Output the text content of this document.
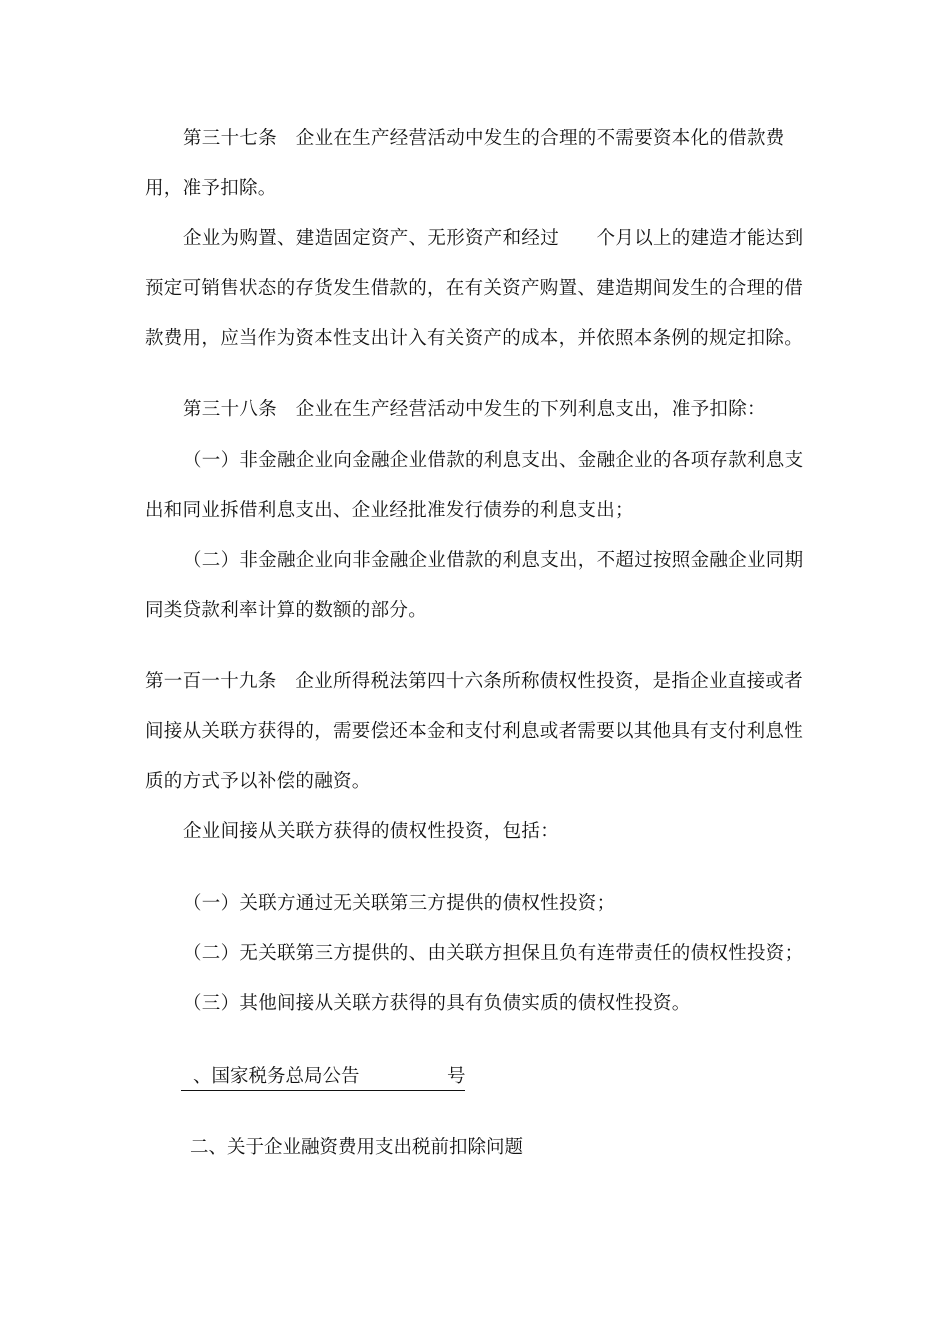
第三十七条　企业在生产经营活动中发生的合理的不需要资本化的借款费
用，准予扣除。
企业为购置、建造固定资产、无形资产和经过　　个月以上的建造才能达到
预定可销售状态的存货发生借款的，在有关资产购置、建造期间发生的合理的借
款费用，应当作为资本性支出计入有关资产的成本，并依照本条例的规定扣除。
第三十八条　企业在生产经营活动中发生的下列利息支出，准予扣除：
（一）非金融企业向金融企业借款的利息支出、金融企业的各项存款利息支
出和同业拆借利息支出、企业经批准发行债券的利息支出；
（二）非金融企业向非金融企业借款的利息支出，不超过按照金融企业同期
同类贷款利率计算的数额的部分。
第一百一十九条　企业所得税法第四十六条所称债权性投资，是指企业直接或者
间接从关联方获得的，需要偿还本金和支付利息或者需要以其他具有支付利息性
质的方式予以补偿的融资。
企业间接从关联方获得的债权性投资，包括：
（一）关联方通过无关联第三方提供的债权性投资；
（二）无关联第三方提供的、由关联方担保且负有连带责任的债权性投资；
（三）其他间接从关联方获得的具有负债实质的债权性投资。
、国家税务总局公告	号
二、关于企业融资费用支出税前扣除问题
